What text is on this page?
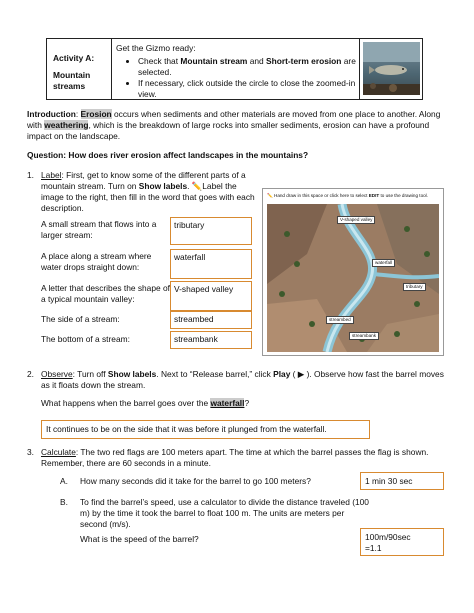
Activity A:
Mountain streams
Get the Gizmo ready:
• Check that Mountain stream and Short-term erosion are selected.
• If necessary, click outside the circle to close the zoomed-in view.
Introduction: Erosion occurs when sediments and other materials are moved from one place to another. Along with weathering, which is the breakdown of large rocks into smaller sediments, erosion can have a profound impact on the landscape.
Question: How does river erosion affect landscapes in the mountains?
1. Label: First, get to know some of the different parts of a mountain stream. Turn on Show labels. ✏️Label the image to the right, then fill in the word that goes with each description.
A small stream that flows into a larger stream:
tributary
A place along a stream where water drops straight down:
waterfall
A letter that describes the shape of a typical mountain valley:
V-shaped valley
The side of a stream:	streambed
The bottom of a stream:	streambank
✏️ Hand draw in this space or click here to select EDIT to use the drawing tool.
V-shaped valley
waterfall
tributary
streambed
streambank
2. Observe: Turn off Show labels. Next to “Release barrel,” click Play ( ▶ ). Observe how fast the barrel moves as it floats down the stream.
What happens when the barrel goes over the waterfall?
It continues to be on the side that it was before it plunged from the waterfall.
3. Calculate: The two red flags are 100 meters apart. The time at which the barrel passes the flag is shown. Remember, there are 60 seconds in a minute.
A. How many seconds did it take for the barrel to go 100 meters?	1 min 30 sec
B. To find the barrel’s speed, use a calculator to divide the distance traveled (100 m) by the time it took the barrel to float 100 m. The units are meters per second (m/s).
What is the speed of the barrel?	100m/90sec
=1.1
